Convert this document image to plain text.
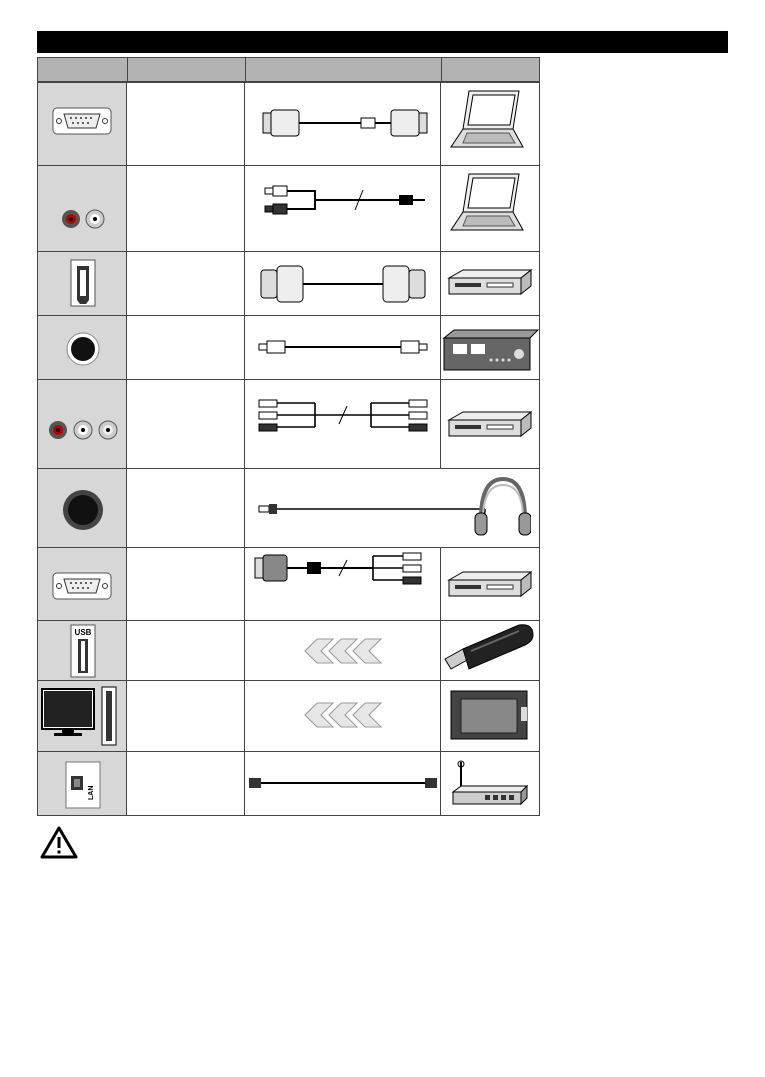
USB
LAN
